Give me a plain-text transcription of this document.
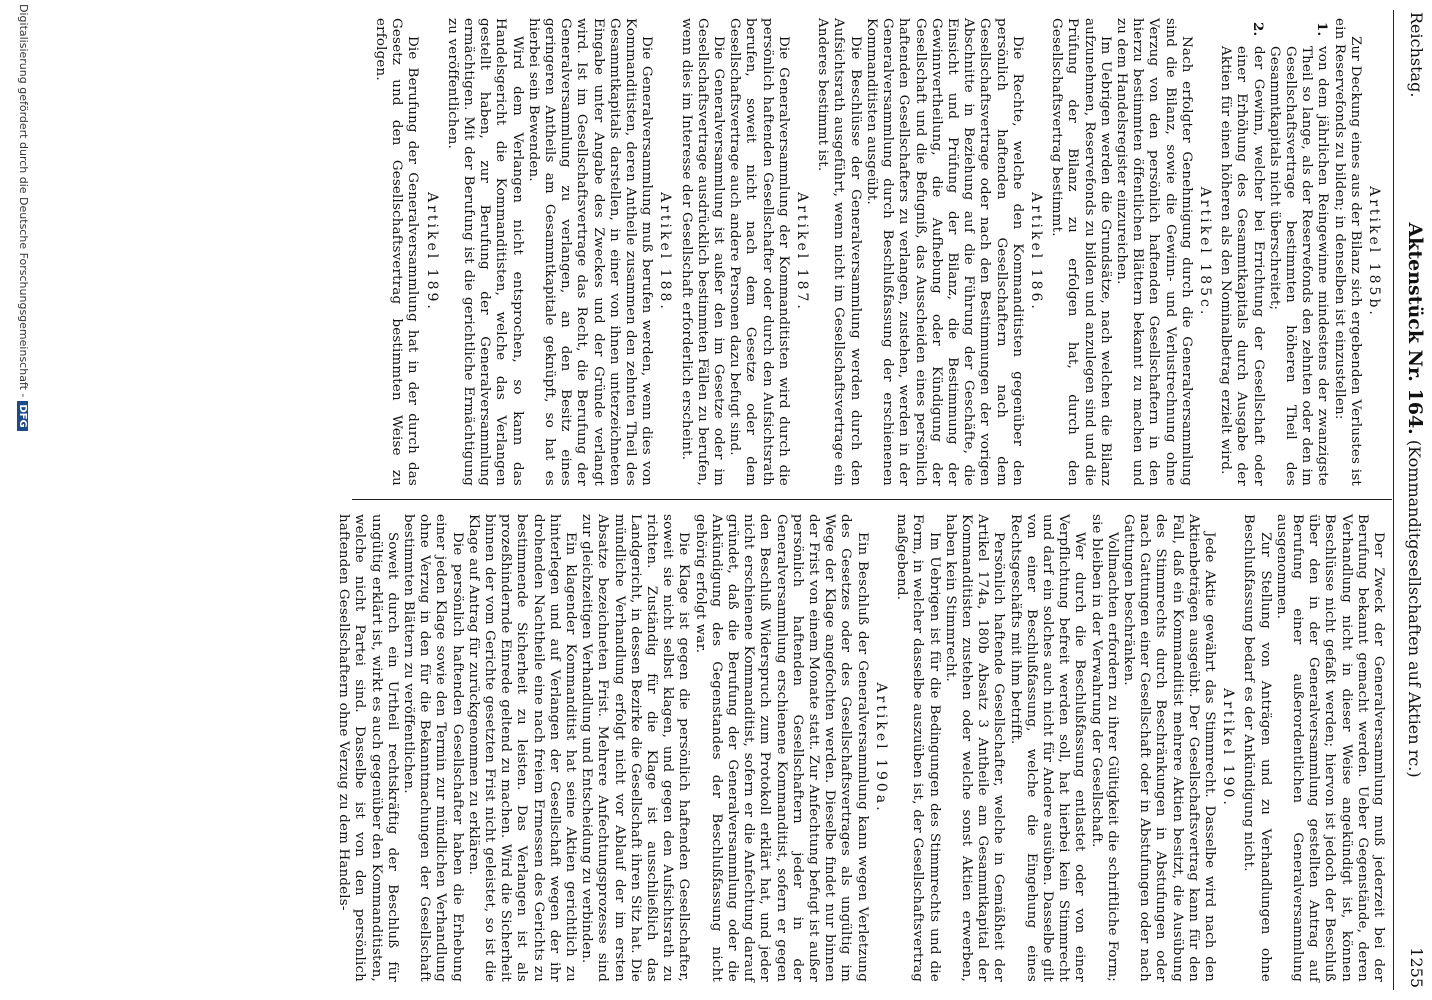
Reichstag.
Aktenstück Nr. 164. (Kommanditgesellschaften auf Aktien rc.)
1255
Artikel 185b.

Zur Deckung eines aus der Bilanz sich ergebenden Verlustes ist ein Reservefonds zu bilden; in denselben ist einzustellen:

1.
von dem jährlichen Reingewinne mindestens der zwanzigste Theil so lange, als der Reservefonds den zehnten oder den im Gesellschaftsvertrage bestimmten höheren Theil des Gesammtkapitals nicht überschreitet;

2.
der Gewinn, welcher bei Errichtung der Gesellschaft oder einer Erhöhung des Gesammtkapitals durch Ausgabe der Aktien für einen höheren als den Nominalbetrag erzielt wird.

Artikel 185c.

Nach erfolgter Genehmigung durch die Generalversammlung sind die Bilanz, sowie die Gewinn- und Verlustrechnung ohne Verzug von den persönlich haftenden Gesellschaftern in den hierzu bestimmten öffentlichen Blättern bekannt zu machen und zu dem Handelsregister einzureichen.

Im Uebrigen werden die Grundsätze, nach welchen die Bilanz aufzunehmen, Reservefonds zu bilden und anzulegen sind und die Prüfung der Bilanz zu erfolgen hat, durch den Gesellschaftsvertrag bestimmt.

Artikel 186.

Die Rechte, welche den Kommanditisten gegenüber den persönlich haftenden Gesellschaftern nach dem Gesellschaftsvertrage oder nach den Bestimmungen der vorigen Abschnitte in Beziehung auf die Führung der Geschäfte, die Einsicht und Prüfung der Bilanz, die Bestimmung der Gewinnvertheilung, die Aufhebung oder Kündigung der Gesellschaft und die Befugniß, das Ausscheiden eines persönlich haftenden Gesellschafters zu verlangen, zustehen, werden in der Generalversammlung durch Beschlußfassung der erschienenen Kommanditisten ausgeübt.

Die Beschlüsse der Generalversammlung werden durch den Aufsichtsrath ausgeführt, wenn nicht im Gesellschaftsvertrage ein Anderes bestimmt ist.

Artikel 187.

Die Generalversammlung der Kommanditisten wird durch die persönlich haftenden Gesellschafter oder durch den Aufsichtsrath berufen, soweit nicht nach dem Gesetze oder dem Gesellschaftsvertrage auch andere Personen dazu befugt sind.

Die Generalversammlung ist außer den im Gesetze oder im Gesellschaftsvertrage ausdrücklich bestimmten Fällen zu berufen, wenn dies im Interesse der Gesellschaft erforderlich erscheint.

Artikel 188.

Die Generalversammlung muß berufen werden, wenn dies von Kommanditisten, deren Antheile zusammen den zehnten Theil des Gesammtkapitals darstellen, in einer von ihnen unterzeichneten Eingabe unter Angabe des Zweckes und der Gründe verlangt wird. Ist im Gesellschaftsvertrage das Recht, die Berufung der Generalversammlung zu verlangen, an den Besitz eines geringeren Antheils am Gesammtkapitale geknüpft, so hat es hierbei sein Bewenden.

Wird dem Verlangen nicht entsprochen, so kann das Handelsgericht die Kommanditisten, welche das Verlangen gestellt haben, zur Berufung der Generalversammlung ermächtigen. Mit der Berufung ist die gerichtliche Ermächtigung zu veröffentlichen.

Artikel 189.

Die Berufung der Generalversammlung hat in der durch das Gesetz und den Gesellschaftsvertrag bestimmten Weise zu erfolgen.

Der Zweck der Generalversammlung muß jederzeit bei der Berufung bekannt gemacht werden. Ueber Gegenstände, deren Verhandlung nicht in dieser Weise angekündigt ist, können Beschlüsse nicht gefaßt werden; hiervon ist jedoch der Beschluß über den in der Generalversammlung gestellten Antrag auf Berufung einer außerordentlichen Generalversammlung ausgenommen.

Zur Stellung von Anträgen und zu Verhandlungen ohne Beschlußfassung bedarf es der Ankündigung nicht.

Artikel 190.

Jede Aktie gewährt das Stimmrecht. Dasselbe wird nach den Aktienbeträgen ausgeübt. Der Gesellschaftsvertrag kann für den Fall, daß ein Kommanditist mehrere Aktien besitzt, die Ausübung des Stimmrechts durch Beschränkungen in Abstufungen oder nach Gattungen einer Gesellschaft oder in Abstufungen oder nach Gattungen beschränken.

Vollmachten erfordern zu ihrer Gültigkeit die schriftliche Form; sie bleiben in der Verwahrung der Gesellschaft.

Wer durch die Beschlußfassung entlastet oder von einer Verpflichtung befreit werden soll, hat hierbei kein Stimmrecht und darf ein solches auch nicht für Andere ausüben. Dasselbe gilt von einer Beschlußfassung, welche die Eingehung eines Rechtsgeschäfts mit ihm betrifft.

Persönlich haftende Gesellschafter, welche in Gemäßheit der Artikel 174a, 180b Absatz 3 Antheile am Gesammtkapital der Kommanditisten zustehen oder welche sonst Aktien erwerben, haben kein Stimmrecht.

Im Uebrigen ist für die Bedingungen des Stimmrechts und die Form, in welcher dasselbe auszuüben ist, der Gesellschaftsvertrag maßgebend.

Artikel 190a.

Ein Beschluß der Generalversammlung kann wegen Verletzung des Gesetzes oder des Gesellschaftsvertrages als ungültig im Wege der Klage angefochten werden. Dieselbe findet nur binnen der Frist von einem Monate statt. Zur Anfechtung befugt ist außer persönlich haftenden Gesellschaftern jeder in der Generalversammlung erschienene Kommanditist, sofern er gegen den Beschluß Widerspruch zum Protokoll erklärt hat, und jeder nicht erschienene Kommanditist, sofern er die Anfechtung darauf gründet, daß die Berufung der Generalversammlung oder die Ankündigung des Gegenstandes der Beschlußfassung nicht gehörig erfolgt war.

Die Klage ist gegen die persönlich haftenden Gesellschafter, soweit sie nicht selbst klagen, und gegen den Aufsichtsrath zu richten. Zuständig für die Klage ist ausschließlich das Landgericht, in dessen Bezirke die Gesellschaft ihren Sitz hat. Die mündliche Verhandlung erfolgt nicht vor Ablauf der im ersten Absatze bezeichneten Frist. Mehrere Anfechtungsprozesse sind zur gleichzeitigen Verhandlung und Entscheidung zu verbinden.

Ein klagender Kommanditist hat seine Aktien gerichtlich zu hinterlegen und auf Verlangen der Gesellschaft wegen der ihr drohenden Nachtheile eine nach freiem Ermessen des Gerichts zu bestimmende Sicherheit zu leisten. Das Verlangen ist als prozeßhindernde Einrede geltend zu machen. Wird die Sicherheit binnen der vom Gerichte gesetzten Frist nicht geleistet, so ist die Klage auf Antrag für zurückgenommen zu erklären.

Die persönlich haftenden Gesellschafter haben die Erhebung einer jeden Klage sowie den Termin zur mündlichen Verhandlung ohne Verzug in den für die Bekanntmachungen der Gesellschaft bestimmten Blättern zu veröffentlichen.

Soweit durch ein Urtheil rechtskräftig der Beschluß für ungültig erklärt ist, wirkt es auch gegenüber den Kommanditisten, welche nicht Partei sind. Dasselbe ist von den persönlich haftenden Gesellschaftern ohne Verzug zu dem Handels-

Digitalisierung gefördert durch die Deutsche Forschungsgemeinschaft -DFG
